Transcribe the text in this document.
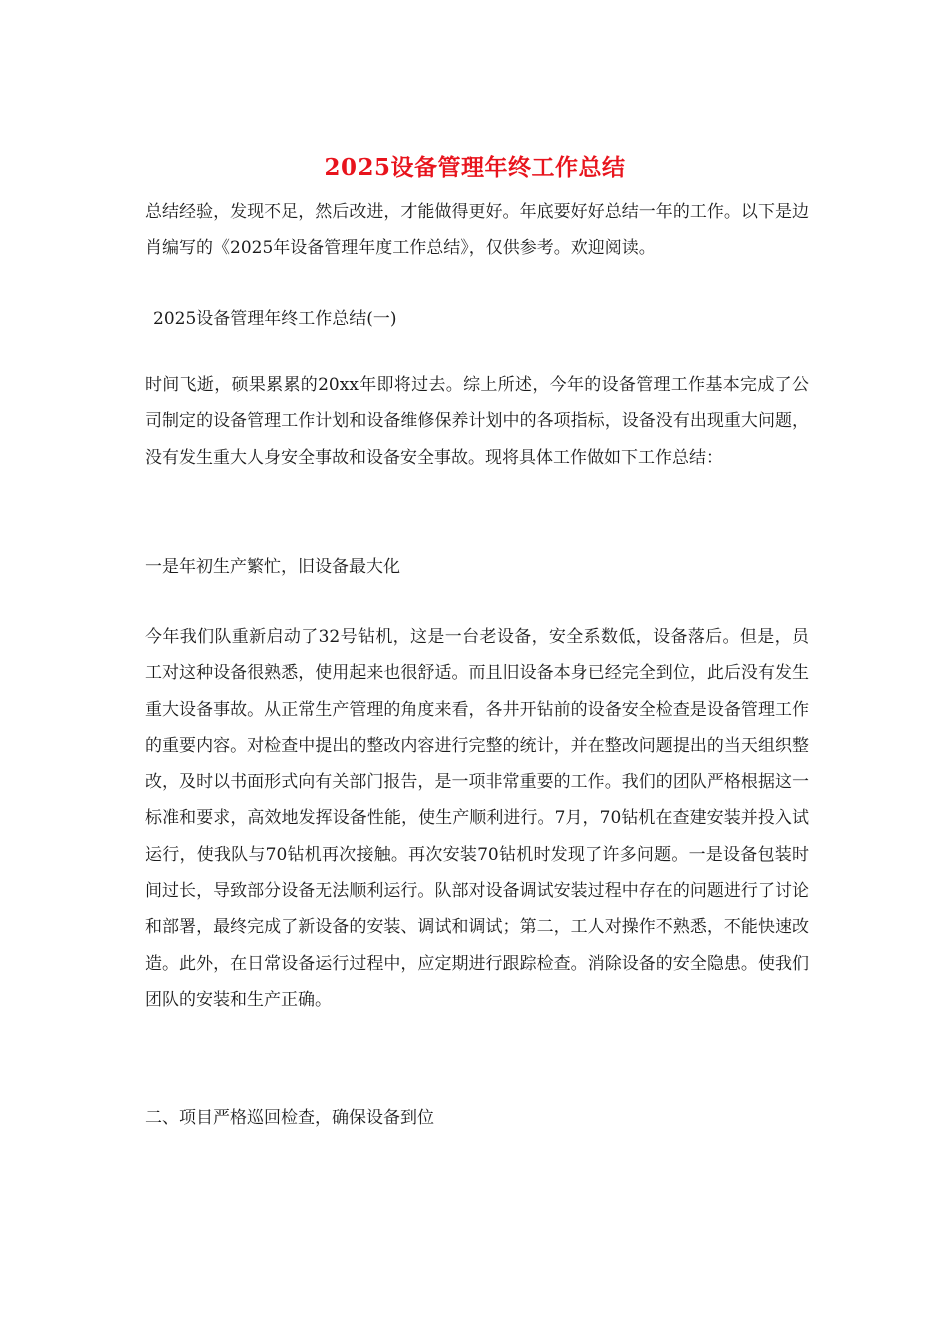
2025设备管理年终工作总结
总结经验，发现不足，然后改进，才能做得更好。年底要好好总结一年的工作。以下是边肖编写的《2025年设备管理年度工作总结》，仅供参考。欢迎阅读。
2025设备管理年终工作总结(一)
时间飞逝，硕果累累的20xx年即将过去。综上所述，今年的设备管理工作基本完成了公司制定的设备管理工作计划和设备维修保养计划中的各项指标，设备没有出现重大问题，没有发生重大人身安全事故和设备安全事故。现将具体工作做如下工作总结：
一是年初生产繁忙，旧设备最大化
今年我们队重新启动了32号钻机，这是一台老设备，安全系数低，设备落后。但是，员工对这种设备很熟悉，使用起来也很舒适。而且旧设备本身已经完全到位，此后没有发生重大设备事故。从正常生产管理的角度来看，各井开钻前的设备安全检查是设备管理工作的重要内容。对检查中提出的整改内容进行完整的统计，并在整改问题提出的当天组织整改，及时以书面形式向有关部门报告，是一项非常重要的工作。我们的团队严格根据这一标准和要求，高效地发挥设备性能，使生产顺利进行。7月，70钻机在查建安装并投入试运行，使我队与70钻机再次接触。再次安装70钻机时发现了许多问题。一是设备包装时间过长，导致部分设备无法顺利运行。队部对设备调试安装过程中存在的问题进行了讨论和部署，最终完成了新设备的安装、调试和调试；第二，工人对操作不熟悉，不能快速改造。此外，在日常设备运行过程中，应定期进行跟踪检查。消除设备的安全隐患。使我们团队的安装和生产正确。
二、项目严格巡回检查，确保设备到位
